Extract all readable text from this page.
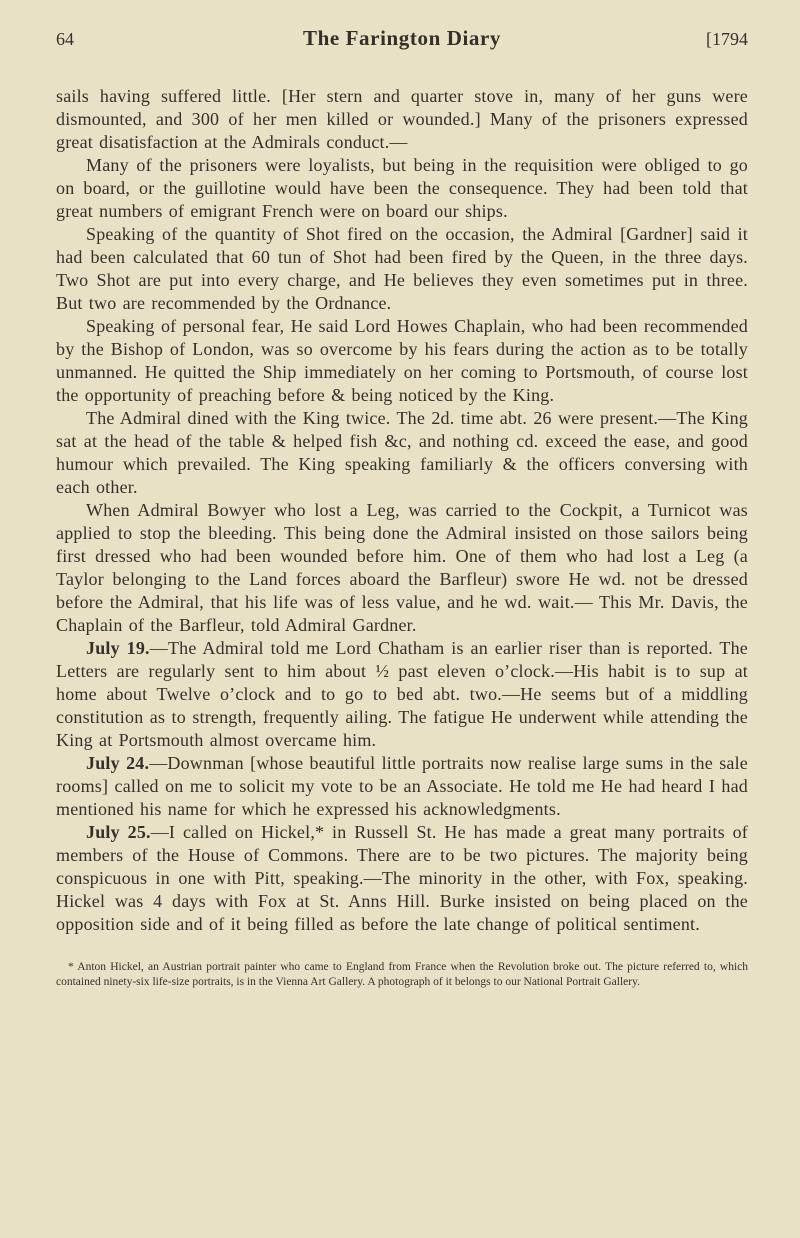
64	The Farington Diary	[1794

sails having suffered little. [Her stern and quarter stove in, many of her guns were dismounted, and 300 of her men killed or wounded.] Many of the prisoners expressed great disatisfaction at the Admirals conduct.—

Many of the prisoners were loyalists, but being in the requisition were obliged to go on board, or the guillotine would have been the consequence. They had been told that great numbers of emigrant French were on board our ships.

Speaking of the quantity of Shot fired on the occasion, the Admiral [Gardner] said it had been calculated that 60 tun of Shot had been fired by the Queen, in the three days. Two Shot are put into every charge, and He believes they even sometimes put in three. But two are recommended by the Ordnance.

Speaking of personal fear, He said Lord Howes Chaplain, who had been recommended by the Bishop of London, was so overcome by his fears during the action as to be totally unmanned. He quitted the Ship immediately on her coming to Portsmouth, of course lost the opportunity of preaching before & being noticed by the King.

The Admiral dined with the King twice. The 2d. time abt. 26 were present.—The King sat at the head of the table & helped fish &c, and nothing cd. exceed the ease, and good humour which prevailed. The King speaking familiarly & the officers conversing with each other.

When Admiral Bowyer who lost a Leg, was carried to the Cockpit, a Turnicot was applied to stop the bleeding. This being done the Admiral insisted on those sailors being first dressed who had been wounded before him. One of them who had lost a Leg (a Taylor belonging to the Land forces aboard the Barfleur) swore He wd. not be dressed before the Admiral, that his life was of less value, and he wd. wait.— This Mr. Davis, the Chaplain of the Barfleur, told Admiral Gardner.

July 19.—The Admiral told me Lord Chatham is an earlier riser than is reported. The Letters are regularly sent to him about ½ past eleven o’clock.—His habit is to sup at home about Twelve o’clock and to go to bed abt. two.—He seems but of a middling constitution as to strength, frequently ailing. The fatigue He underwent while attending the King at Portsmouth almost overcame him.

July 24.—Downman [whose beautiful little portraits now realise large sums in the sale rooms] called on me to solicit my vote to be an Associate. He told me He had heard I had mentioned his name for which he expressed his acknowledgments.

July 25.—I called on Hickel,* in Russell St. He has made a great many portraits of members of the House of Commons. There are to be two pictures. The majority being conspicuous in one with Pitt, speaking.—The minority in the other, with Fox, speaking. Hickel was 4 days with Fox at St. Anns Hill. Burke insisted on being placed on the opposition side and of it being filled as before the late change of political sentiment.

* Anton Hickel, an Austrian portrait painter who came to England from France when the Revolution broke out. The picture referred to, which contained ninety-six life-size portraits, is in the Vienna Art Gallery. A photograph of it belongs to our National Portrait Gallery.
